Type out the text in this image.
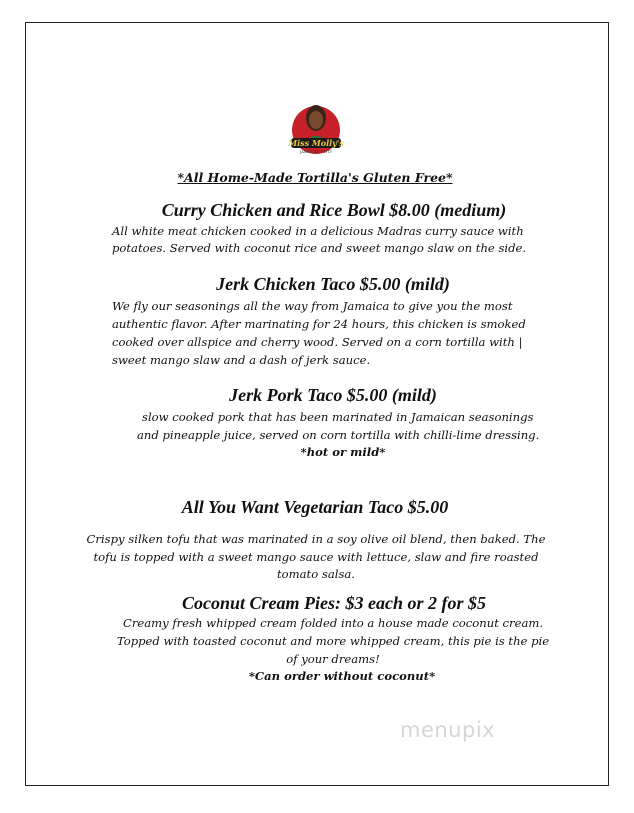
Miss Molly's
JAMAICAN PATTY
*All Home-Made Tortilla's Gluten Free*
Curry Chicken and Rice Bowl $8.00 (medium)
All white meat chicken cooked in a delicious Madras curry sauce with
potatoes. Served with coconut rice and sweet mango slaw on the side.
Jerk Chicken Taco $5.00 (mild)
We fly our seasonings all the way from Jamaica to give you the most
authentic flavor. After marinating for 24 hours, this chicken is smoked
cooked over allspice and cherry wood. Served on a corn tortilla with |
sweet mango slaw and a dash of jerk sauce.
Jerk Pork Taco $5.00 (mild)
slow cooked pork that has been marinated in Jamaican seasonings
and pineapple juice, served on corn tortilla with chilli-lime dressing.
*hot or mild*
All You Want Vegetarian Taco $5.00
Crispy silken tofu that was marinated in a soy olive oil blend, then baked. The
tofu is topped with a sweet mango sauce with lettuce, slaw and fire roasted
tomato salsa.
Coconut Cream Pies: $3 each or 2 for $5
Creamy fresh whipped cream folded into a house made coconut cream.
Topped with toasted coconut and more whipped cream, this pie is the pie
of your dreams!
*Can order without coconut*
menupix
